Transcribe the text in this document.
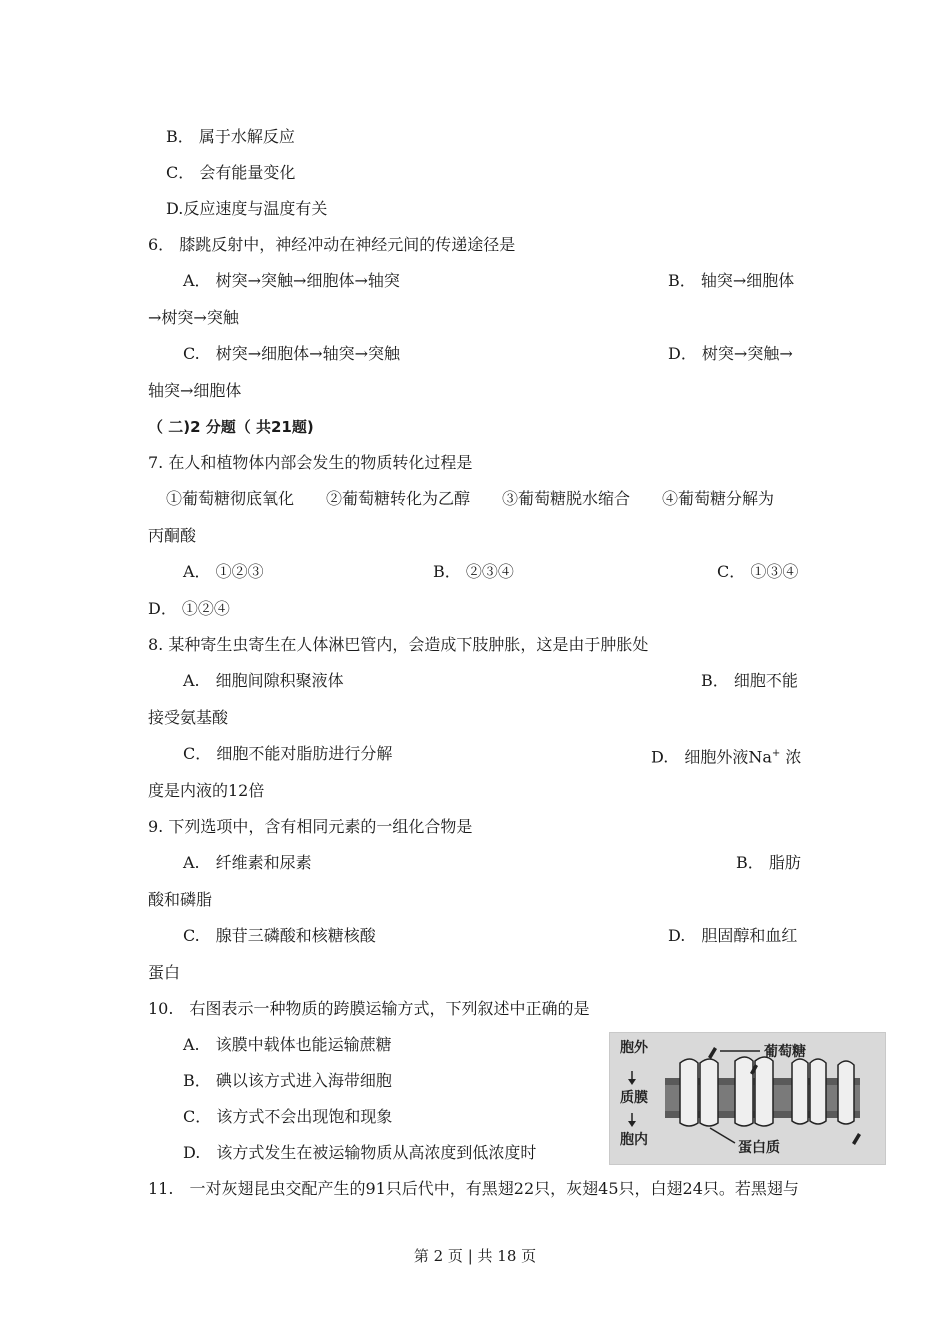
B． 属于水解反应
C． 会有能量变化
D.反应速度与温度有关
6． 膝跳反射中，神经冲动在神经元间的传递途径是
A． 树突→突触→细胞体→轴突	B． 轴突→细胞体
→树突→突触
C.　树突→细胞体→轴突→突触	D． 树突→突触→
轴突→细胞体
（ 二)2 分题（ 共21题)
7. 在人和植物体内部会发生的物质转化过程是
①葡萄糖彻底氧化　　②葡萄糖转化为乙醇　　③葡萄糖脱水缩合　　④葡萄糖分解为
丙酮酸
A． ①②③	B． ②③④	C． ①③④
D． ①②④
8. 某种寄生虫寄生在人体淋巴管内，会造成下肢肿胀，这是由于肿胀处
A.　细胞间隙积聚液体	B． 细胞不能
接受氨基酸
C． 细胞不能对脂肪进行分解	D.　细胞外液Na+ 浓
度是内液的12倍
9. 下列选项中，含有相同元素的一组化合物是
A.　纤维素和尿素	B． 脂肪
酸和磷脂
C.　腺苷三磷酸和核糖核酸	D.　胆固醇和血红
蛋白
10.　右图表示一种物质的跨膜运输方式，下列叙述中正确的是
A.　该膜中载体也能运输蔗糖
B． 碘以该方式进入海带细胞
C． 该方式不会出现饱和现象
D.　该方式发生在被运输物质从高浓度到低浓度时
胞外
质膜
胞内
葡萄糖
蛋白质
11.　一对灰翅昆虫交配产生的91只后代中，有黑翅22只，灰翅45只，白翅24只。若黑翅与
第 2 页 | 共 18 页
